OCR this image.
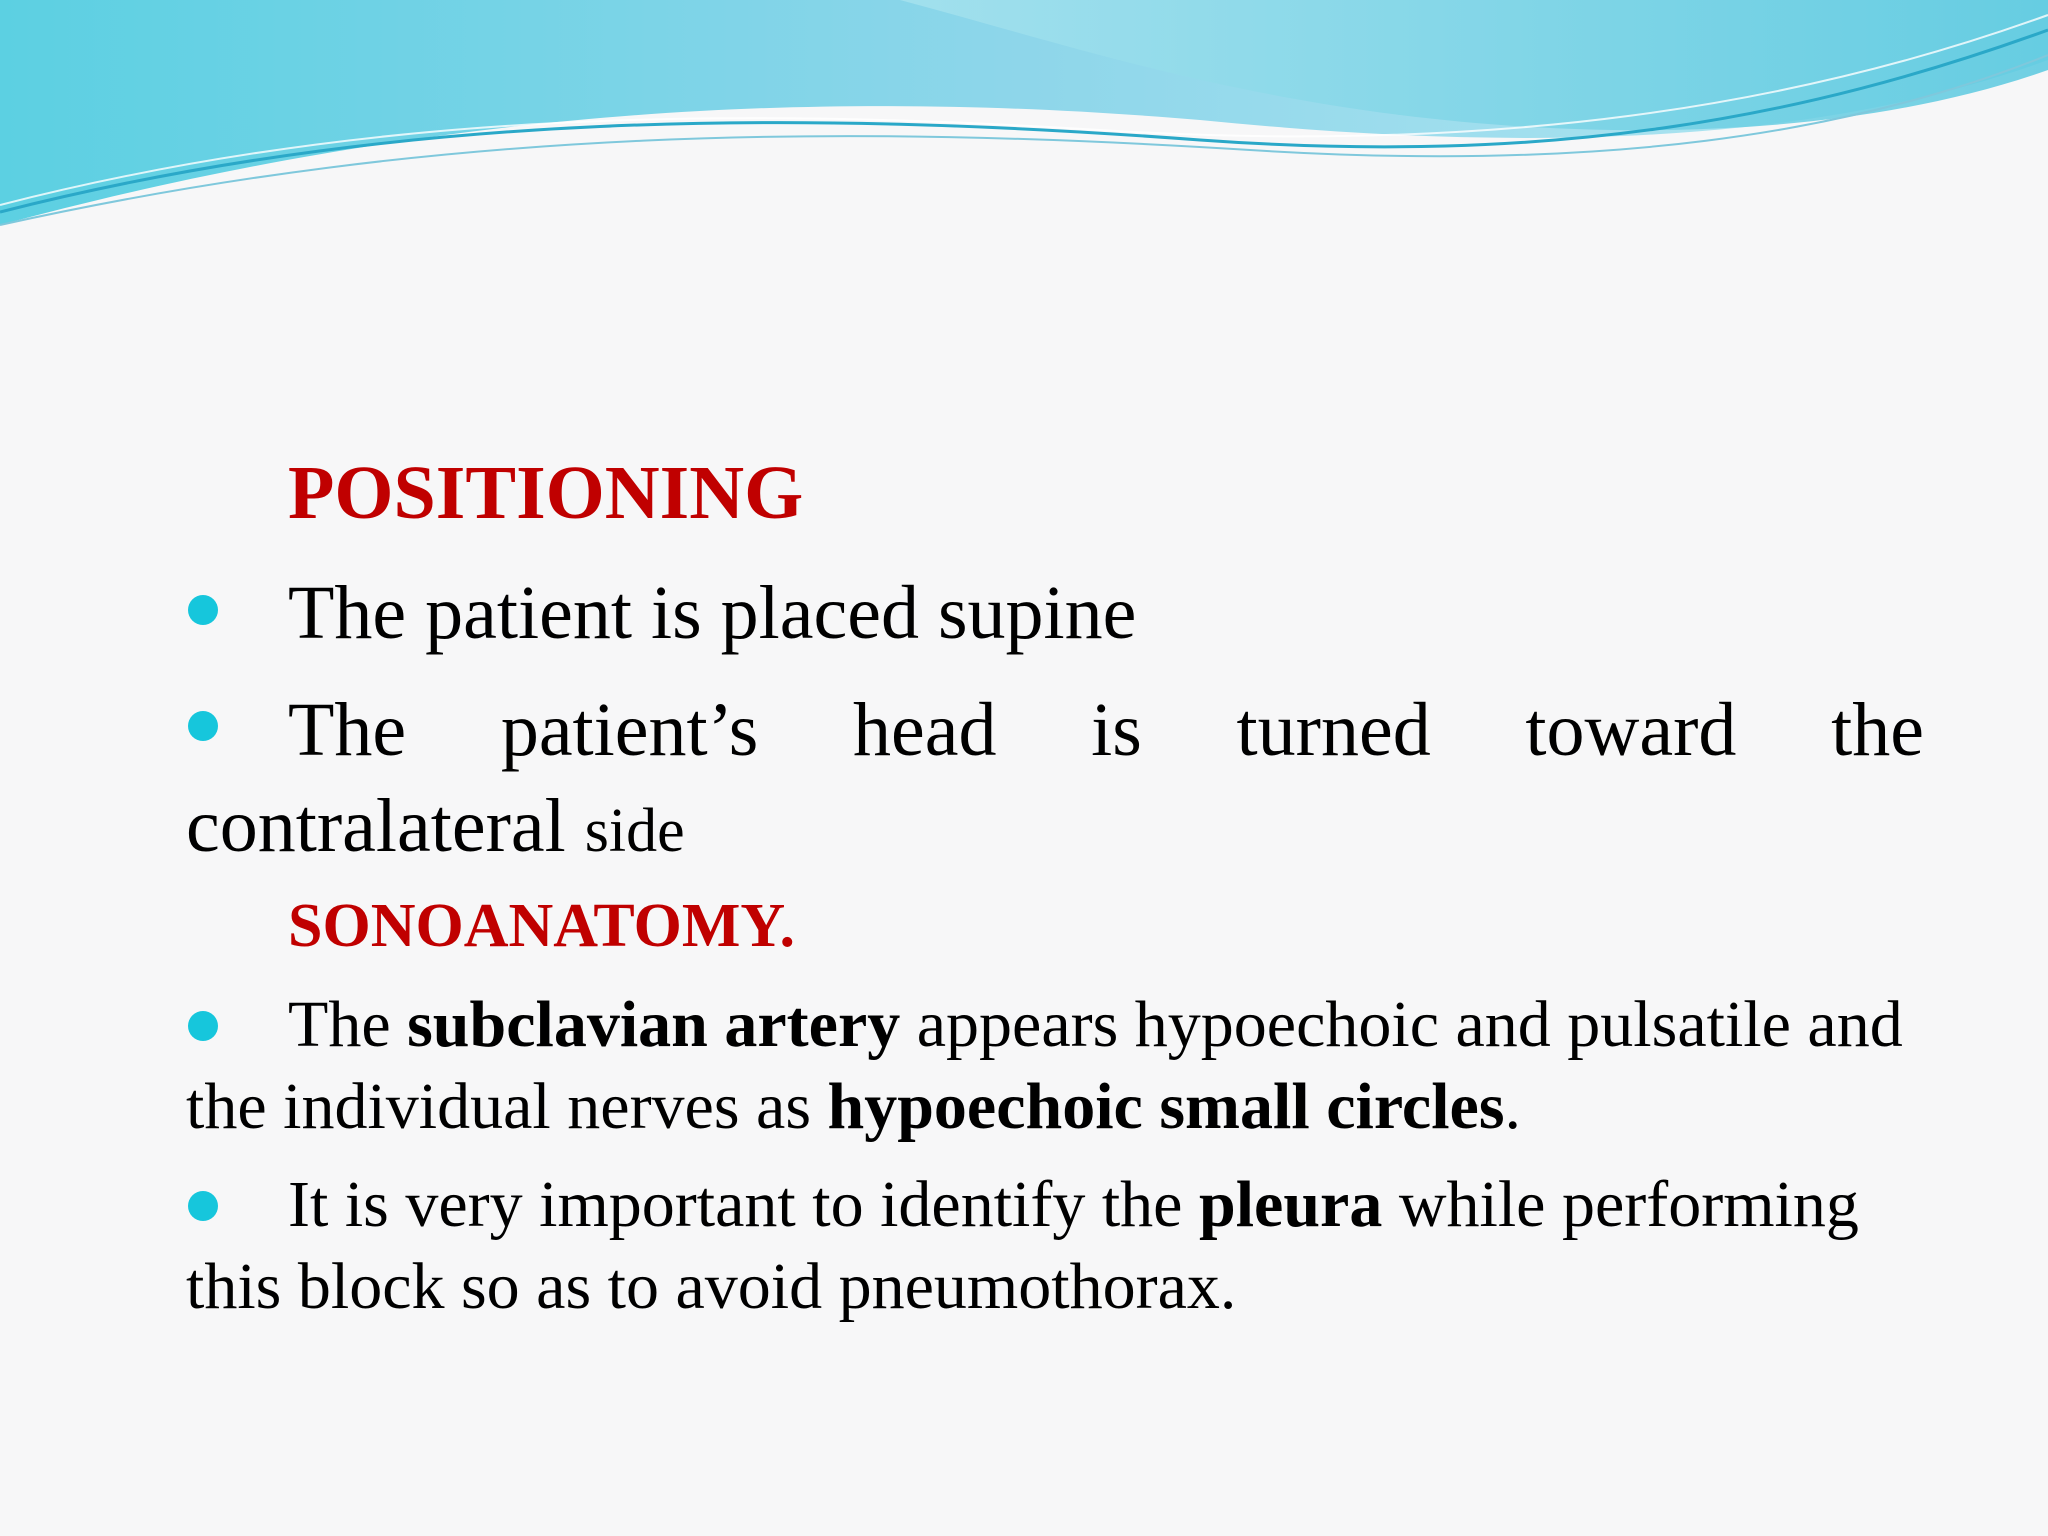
POSITIONING

The patient is placed supine

The patient’s head is turned toward the
contralateral side

SONOANATOMY.

The subclavian artery appears hypoechoic and pulsatile and the individual nerves as hypoechoic small circles.

It is very important to identify the pleura while performing this block so as to avoid pneumothorax.
